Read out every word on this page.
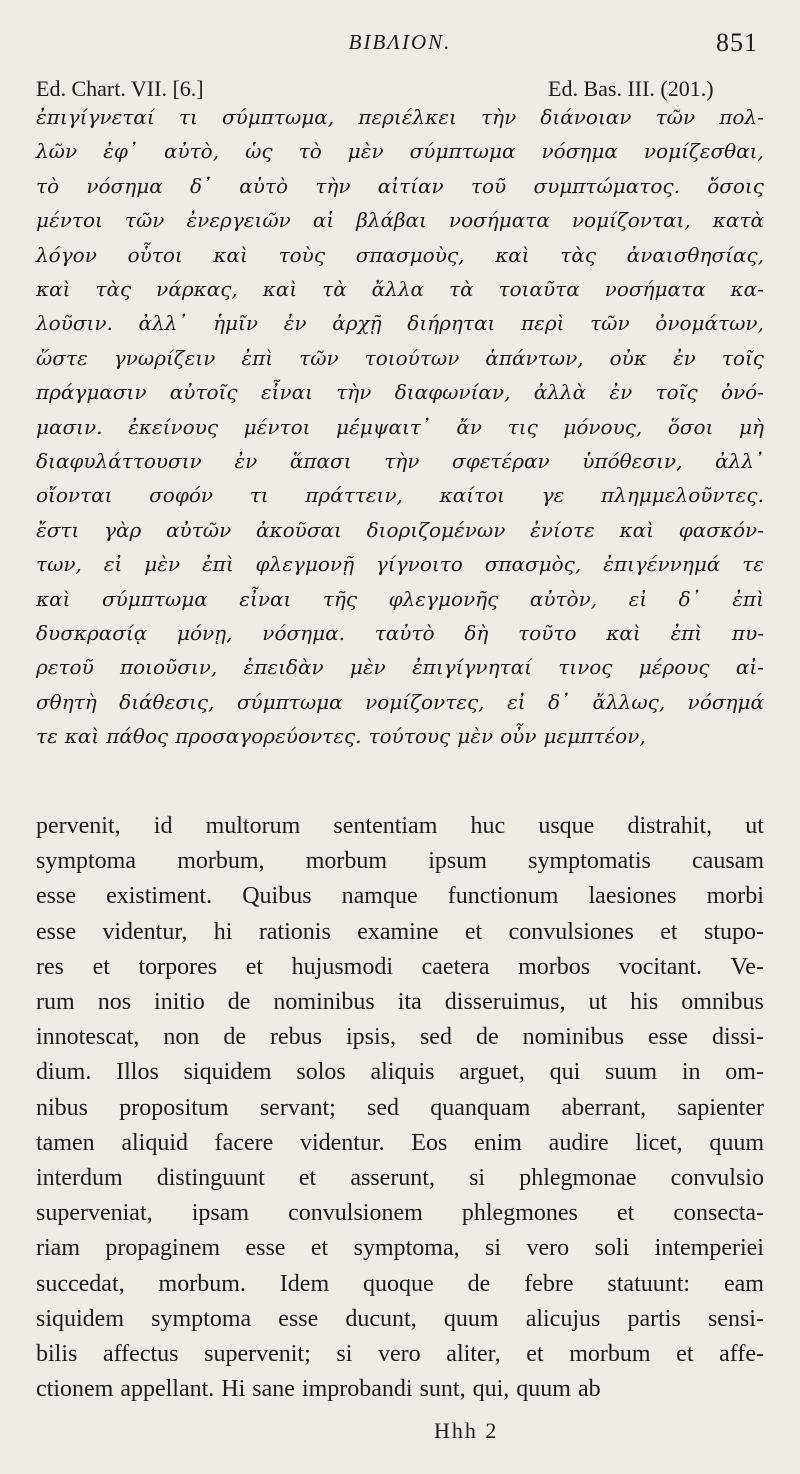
ΒΙΒΛΙΟΝ.	851
Ed. Chart. VII. [6.]	Ed. Bas. III. (201.)
ἐπιγίγνεταί τι σύμπτωμα, περιέλκει τὴν διάνοιαν τῶν πολ-
λῶν ἐφ᾽ αὐτὸ, ὡς τὸ μὲν σύμπτωμα νόσημα νομίζεσθαι,
τὸ νόσημα δ᾽ αὐτὸ τὴν αἰτίαν τοῦ συμπτώματος. ὅσοις
μέντοι τῶν ἐνεργειῶν αἱ βλάβαι νοσήματα νομίζονται, κατὰ
λόγον οὗτοι καὶ τοὺς σπασμοὺς, καὶ τὰς ἀναισθησίας,
καὶ τὰς νάρκας, καὶ τὰ ἄλλα τὰ τοιαῦτα νοσήματα κα-
λοῦσιν. ἀλλ᾽ ἡμῖν ἐν ἀρχῇ διήρηται περὶ τῶν ὀνομάτων,
ὥστε γνωρίζειν ἐπὶ τῶν τοιούτων ἁπάντων, οὐκ ἐν τοῖς
πράγμασιν αὐτοῖς εἶναι τὴν διαφωνίαν, ἀλλὰ ἐν τοῖς ὀνό-
μασιν. ἐκείνους μέντοι μέμψαιτ᾽ ἄν τις μόνους, ὅσοι μὴ
διαφυλάττουσιν ἐν ἅπασι τὴν σφετέραν ὑπόθεσιν, ἀλλ᾽
οἴονται σοφόν τι πράττειν, καίτοι γε πλημμελοῦντες.
ἔστι γὰρ αὐτῶν ἀκοῦσαι διοριζομένων ἐνίοτε καὶ φασκόν-
των, εἰ μὲν ἐπὶ φλεγμονῇ γίγνοιτο σπασμὸς, ἐπιγέννημά τε
καὶ σύμπτωμα εἶναι τῆς φλεγμονῆς αὐτὸν, εἰ δ᾽ ἐπὶ
δυσκρασίᾳ μόνῃ, νόσημα. ταὐτὸ δὴ τοῦτο καὶ ἐπὶ πυ-
ρετοῦ ποιοῦσιν, ἐπειδὰν μὲν ἐπιγίγνηταί τινος μέρους αἰ-
σθητὴ διάθεσις, σύμπτωμα νομίζοντες, εἰ δ᾽ ἄλλως, νόσημά
τε καὶ πάθος προσαγορεύοντες. τούτους μὲν οὖν μεμπτέον,
pervenit, id multorum sententiam huc usque distrahit, ut
symptoma morbum, morbum ipsum symptomatis causam
esse existiment. Quibus namque functionum laesiones morbi
esse videntur, hi rationis examine et convulsiones et stupo-
res et torpores et hujusmodi caetera morbos vocitant. Ve-
rum nos initio de nominibus ita disseruimus, ut his omnibus
innotescat, non de rebus ipsis, sed de nominibus esse dissi-
dium. Illos siquidem solos aliquis arguet, qui suum in om-
nibus propositum servant; sed quanquam aberrant, sapienter
tamen aliquid facere videntur. Eos enim audire licet, quum
interdum distinguunt et asserunt, si phlegmonae convulsio
superveniat, ipsam convulsionem phlegmones et consecta-
riam propaginem esse et symptoma, si vero soli intemperiei
succedat, morbum. Idem quoque de febre statuunt: eam
siquidem symptoma esse ducunt, quum alicujus partis sensi-
bilis affectus supervenit; si vero aliter, et morbum et affe-
ctionem appellant. Hi sane improbandi sunt, qui, quum ab
Hhh 2
